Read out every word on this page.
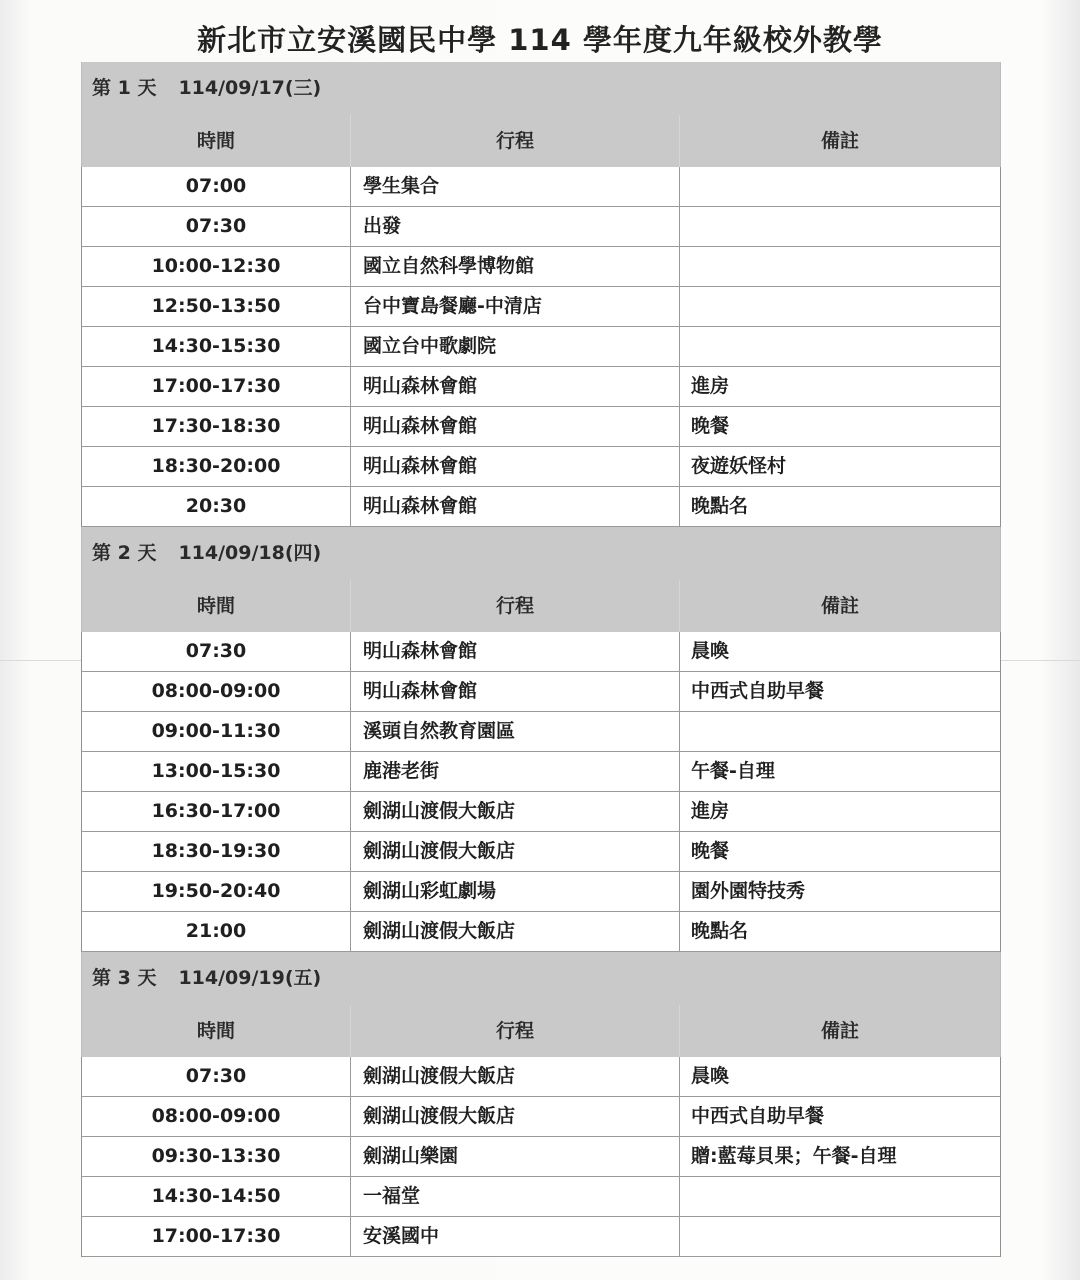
新北市立安溪國民中學 114 學年度九年級校外教學
第 1 天 114/09/17(三)
時間	行程	備註
07:00	學生集合
07:30	出發
10:00-12:30	國立自然科學博物館
12:50-13:50	台中寶島餐廳-中清店
14:30-15:30	國立台中歌劇院
17:00-17:30	明山森林會館	進房
17:30-18:30	明山森林會館	晚餐
18:30-20:00	明山森林會館	夜遊妖怪村
20:30	明山森林會館	晚點名
第 2 天 114/09/18(四)
時間	行程	備註
07:30	明山森林會館	晨喚
08:00-09:00	明山森林會館	中西式自助早餐
09:00-11:30	溪頭自然教育園區
13:00-15:30	鹿港老街	午餐-自理
16:30-17:00	劍湖山渡假大飯店	進房
18:30-19:30	劍湖山渡假大飯店	晚餐
19:50-20:40	劍湖山彩虹劇場	園外園特技秀
21:00	劍湖山渡假大飯店	晚點名
第 3 天 114/09/19(五)
時間	行程	備註
07:30	劍湖山渡假大飯店	晨喚
08:00-09:00	劍湖山渡假大飯店	中西式自助早餐
09:30-13:30	劍湖山樂園	贈:藍莓貝果；午餐-自理
14:30-14:50	一福堂
17:00-17:30	安溪國中
